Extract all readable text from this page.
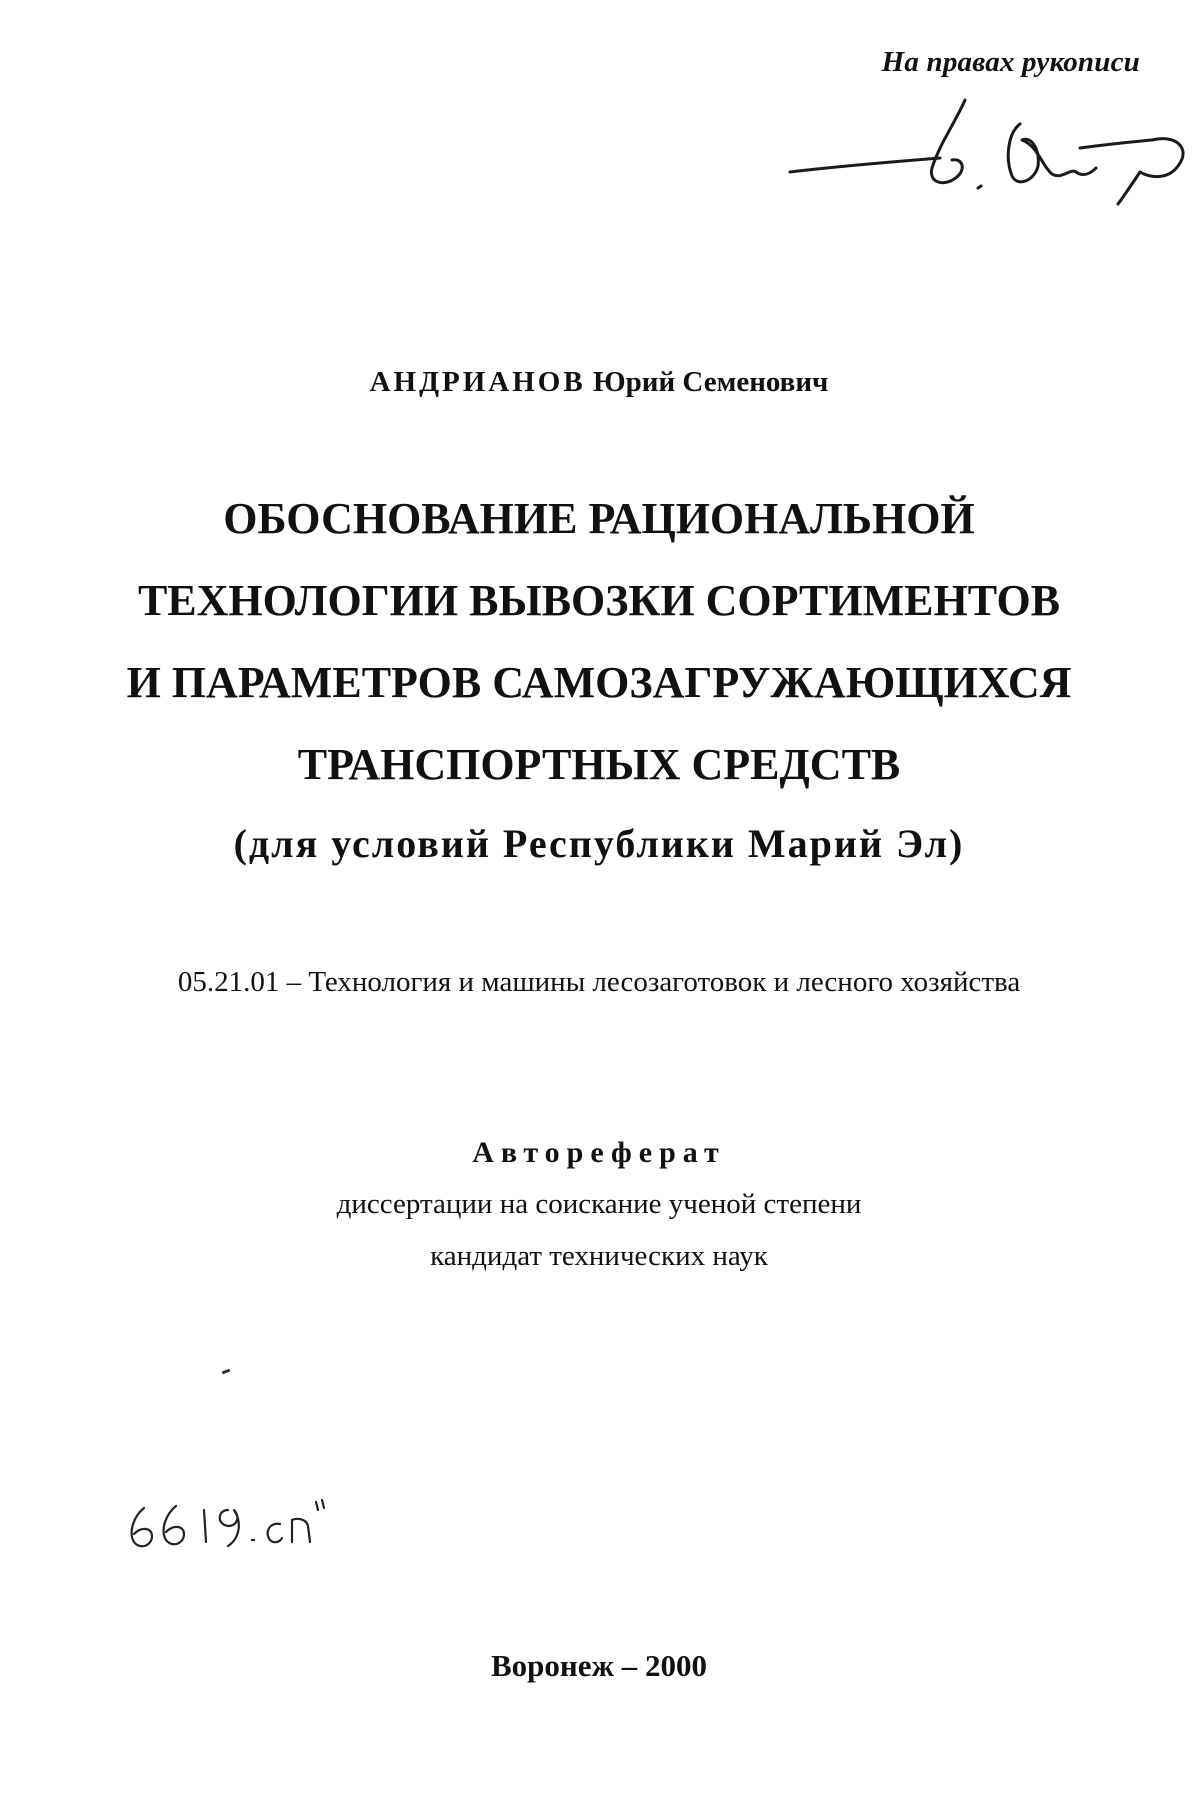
На правах рукописи
АНДРИАНОВ Юрий Семенович
ОБОСНОВАНИЕ РАЦИОНАЛЬНОЙ
ТЕХНОЛОГИИ ВЫВОЗКИ СОРТИМЕНТОВ
И ПАРАМЕТРОВ САМОЗАГРУЖАЮЩИХСЯ
ТРАНСПОРТНЫХ СРЕДСТВ
(для условий Республики Марий Эл)
05.21.01 – Технология и машины лесозаготовок и лесного хозяйства
Автореферат
диссертации на соискание ученой степени
кандидат технических наук
Воронеж – 2000
